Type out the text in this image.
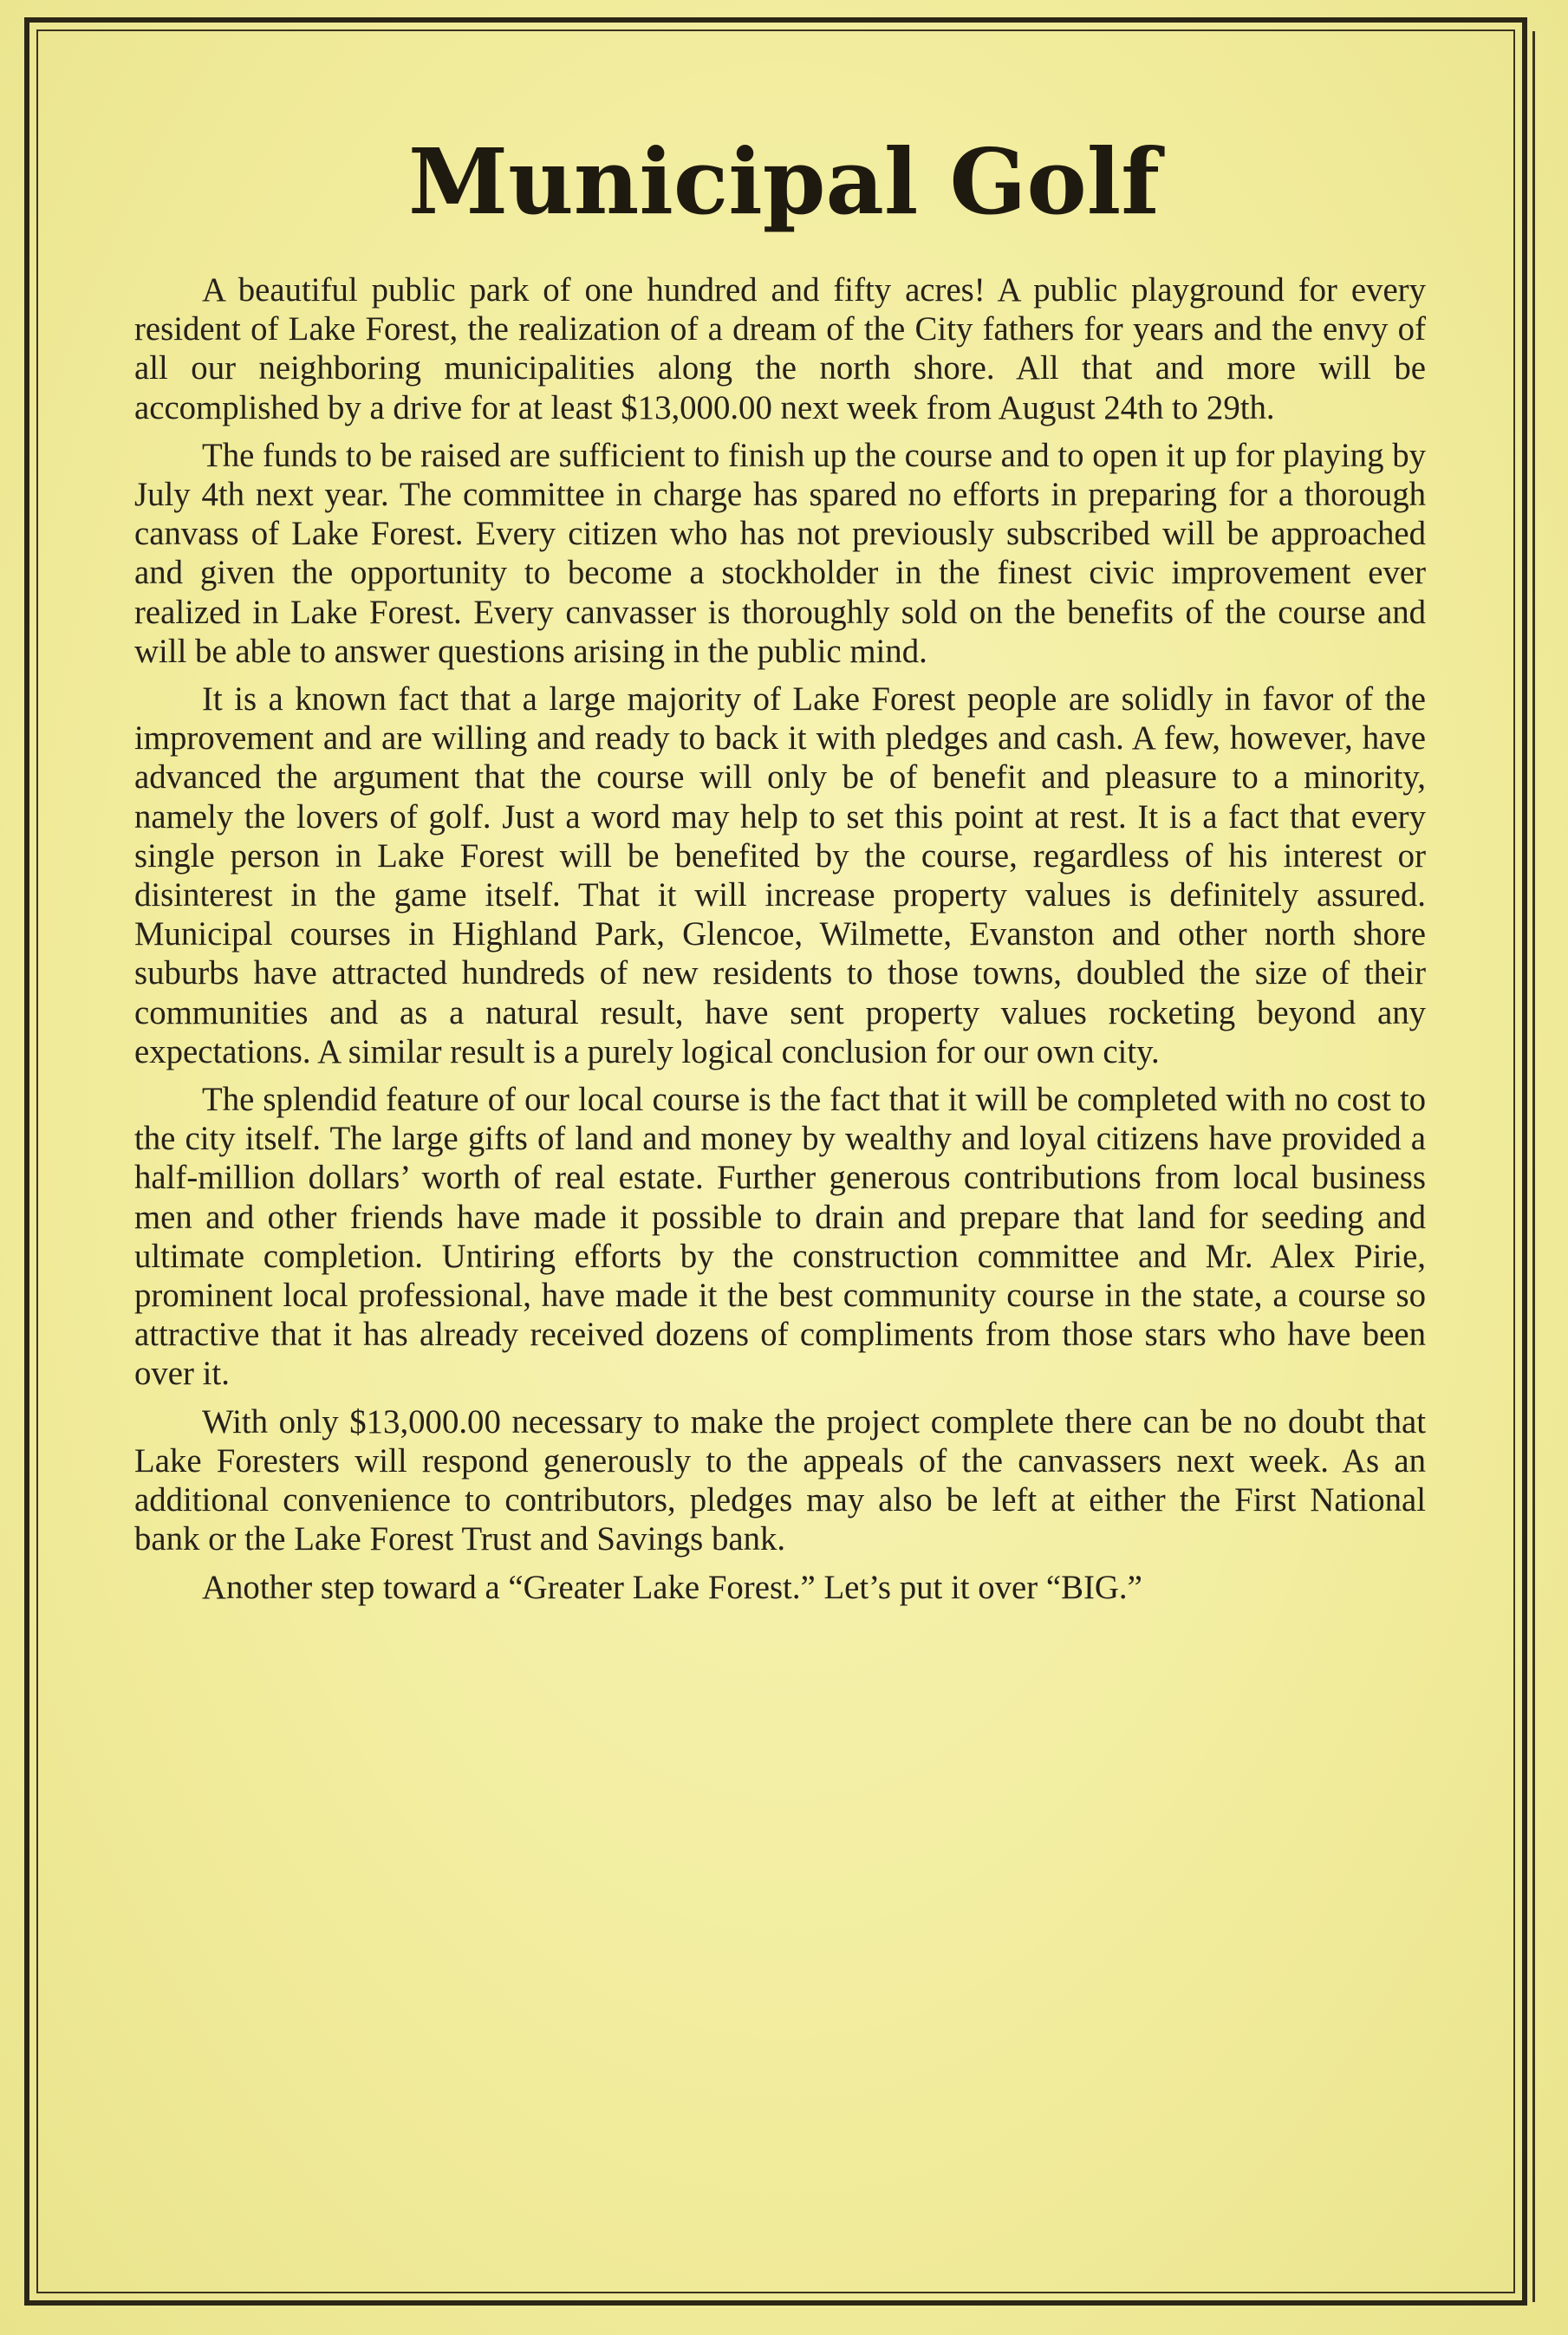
Municipal Golf

A beautiful public park of one hundred and fifty acres! A public playground for every resident of Lake Forest, the realization of a dream of the City fathers for years and the envy of all our neighboring municipalities along the north shore. All that and more will be accomplished by a drive for at least $13,000.00 next week from August 24th to 29th.

The funds to be raised are sufficient to finish up the course and to open it up for playing by July 4th next year. The committee in charge has spared no efforts in preparing for a thorough canvass of Lake Forest. Every citizen who has not previously subscribed will be approached and given the opportunity to become a stockholder in the finest civic improvement ever realized in Lake Forest. Every canvasser is thoroughly sold on the benefits of the course and will be able to answer questions arising in the public mind.

It is a known fact that a large majority of Lake Forest people are solidly in favor of the improvement and are willing and ready to back it with pledges and cash. A few, however, have advanced the argument that the course will only be of benefit and pleasure to a minority, namely the lovers of golf. Just a word may help to set this point at rest. It is a fact that every single person in Lake Forest will be benefited by the course, regardless of his interest or disinterest in the game itself. That it will increase property values is definitely assured. Municipal courses in Highland Park, Glencoe, Wilmette, Evanston and other north shore suburbs have attracted hundreds of new residents to those towns, doubled the size of their communities and as a natural result, have sent property values rocketing beyond any expectations. A similar result is a purely logical conclusion for our own city.

The splendid feature of our local course is the fact that it will be completed with no cost to the city itself. The large gifts of land and money by wealthy and loyal citizens have provided a half-million dollars’ worth of real estate. Further generous contributions from local business men and other friends have made it possible to drain and prepare that land for seeding and ultimate completion. Untiring efforts by the construction committee and Mr. Alex Pirie, prominent local professional, have made it the best community course in the state, a course so attractive that it has already received dozens of compliments from those stars who have been over it.

With only $13,000.00 necessary to make the project complete there can be no doubt that Lake Foresters will respond generously to the appeals of the canvassers next week. As an additional convenience to contributors, pledges may also be left at either the First National bank or the Lake Forest Trust and Savings bank.

Another step toward a “Greater Lake Forest.” Let’s put it over “BIG.”
